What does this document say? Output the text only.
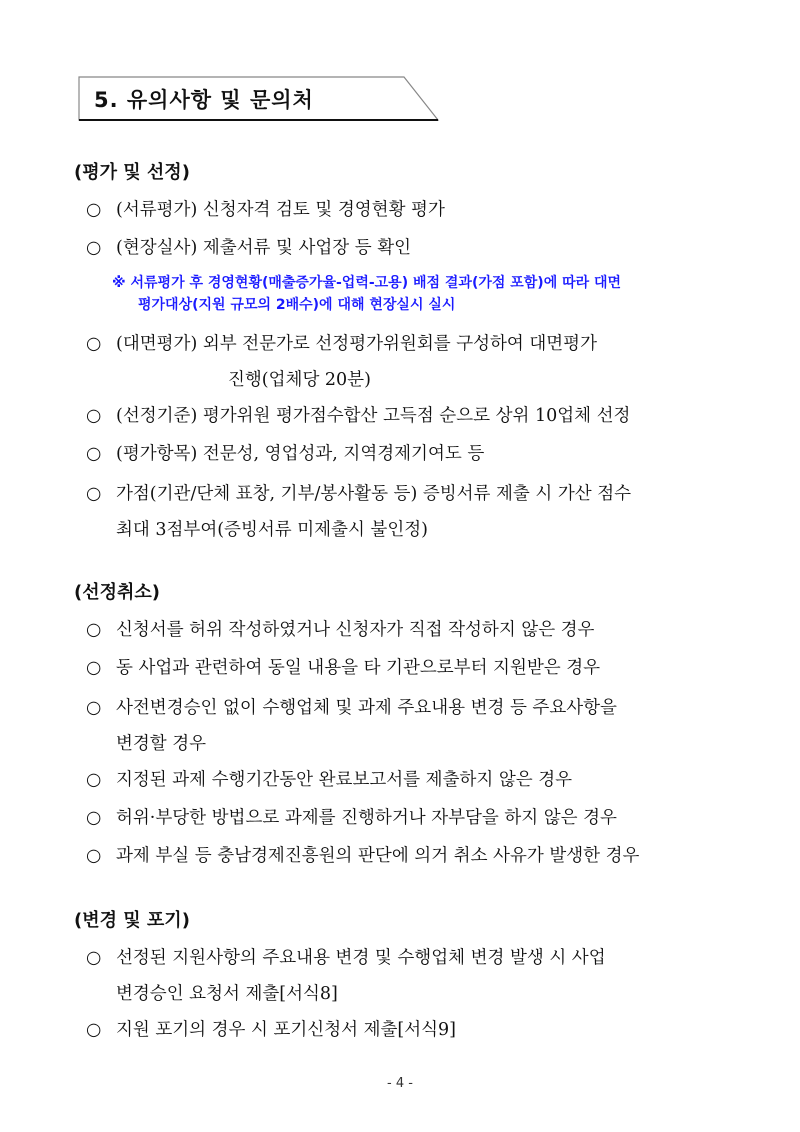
5. 유의사항 및 문의처
(평가 및 선정)
○ (서류평가) 신청자격 검토 및 경영현황 평가
○ (현장실사) 제출서류 및 사업장 등 확인
※ 서류평가 후 경영현황(매출증가율-업력-고용) 배점 결과(가점 포함)에 따라 대면
평가대상(지원 규모의 2배수)에 대해 현장실시 실시
○ (대면평가) 외부 전문가로 선정평가위원회를 구성하여 대면평가
진행(업체당 20분)
○ (선정기준) 평가위원 평가점수합산 고득점 순으로 상위 10업체 선정
○ (평가항목) 전문성, 영업성과, 지역경제기여도 등
○ 가점(기관/단체 표창, 기부/봉사활동 등) 증빙서류 제출 시 가산 점수
최대 3점부여(증빙서류 미제출시 불인정)
(선정취소)
○ 신청서를 허위 작성하였거나 신청자가 직접 작성하지 않은 경우
○ 동 사업과 관련하여 동일 내용을 타 기관으로부터 지원받은 경우
○ 사전변경승인 없이 수행업체 및 과제 주요내용 변경 등 주요사항을
변경할 경우
○ 지정된 과제 수행기간동안 완료보고서를 제출하지 않은 경우
○ 허위·부당한 방법으로 과제를 진행하거나 자부담을 하지 않은 경우
○ 과제 부실 등 충남경제진흥원의 판단에 의거 취소 사유가 발생한 경우
(변경 및 포기)
○ 선정된 지원사항의 주요내용 변경 및 수행업체 변경 발생 시 사업
변경승인 요청서 제출[서식8]
○ 지원 포기의 경우 시 포기신청서 제출[서식9]
- 4 -
